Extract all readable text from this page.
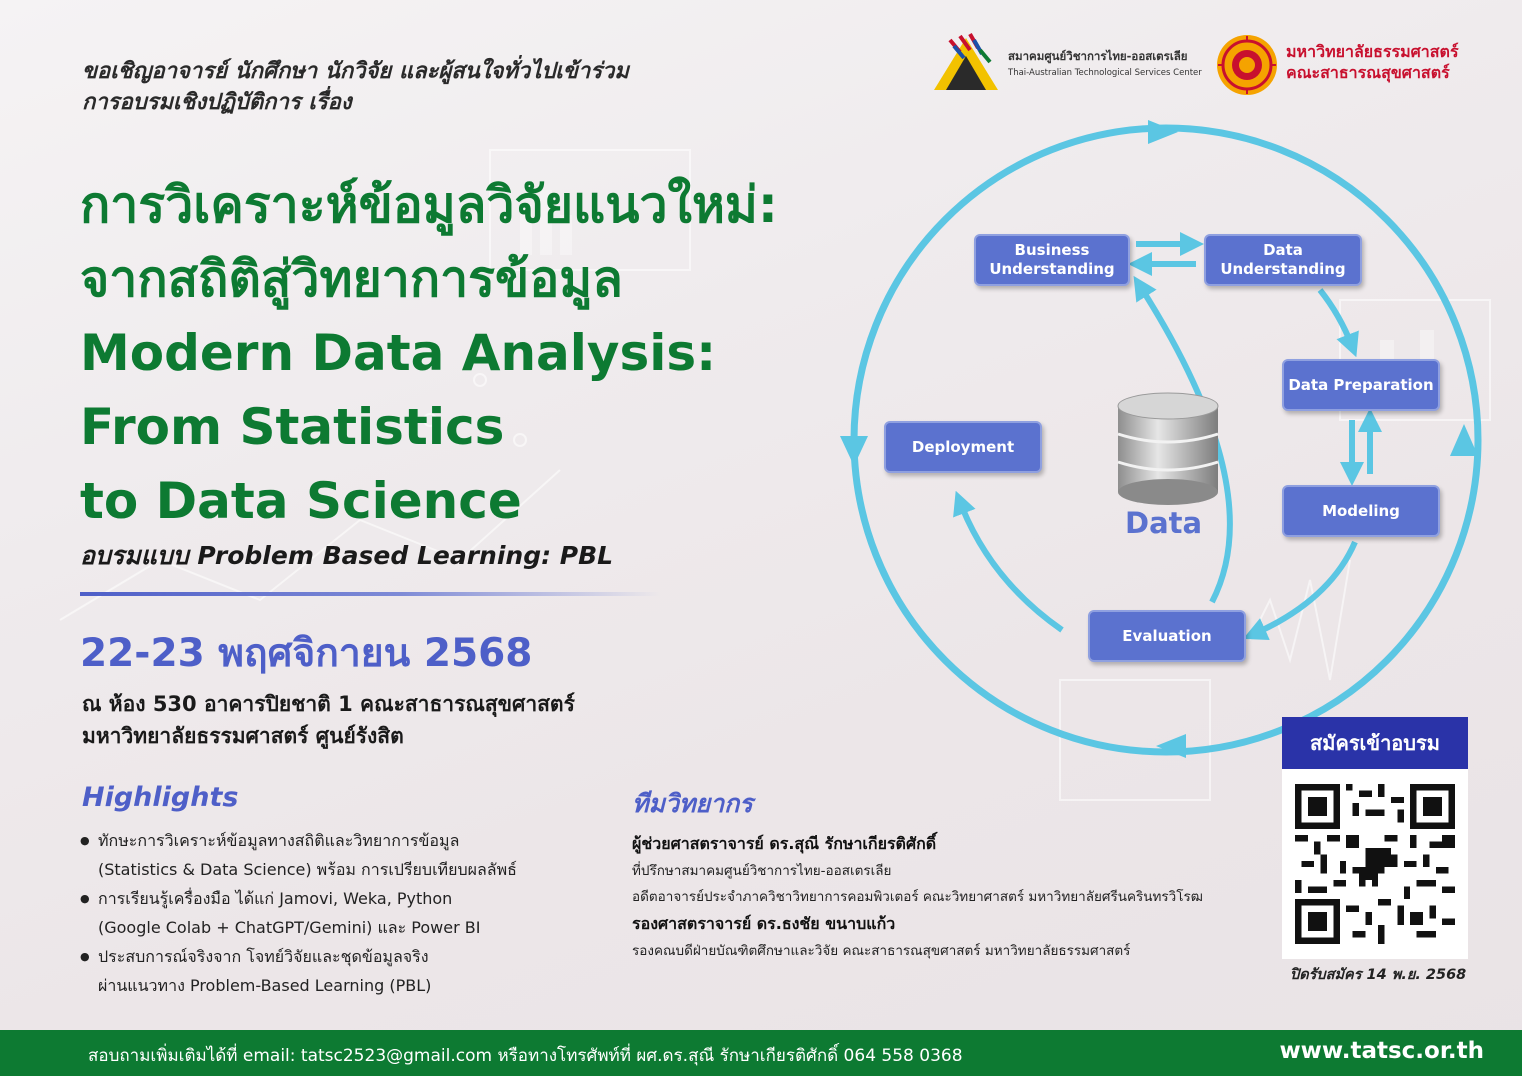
ขอเชิญอาจารย์ นักศึกษา นักวิจัย และผู้สนใจทั่วไปเข้าร่วม
การอบรมเชิงปฏิบัติการ เรื่อง
สมาคมศูนย์วิชาการไทย-ออสเตรเลีย
Thai-Australian Technological Services Center
มหาวิทยาลัยธรรมศาสตร์
คณะสาธารณสุขศาสตร์
การวิเคราะห์ข้อมูลวิจัยแนวใหม่:
จากสถิติสู่วิทยาการข้อมูล
Modern Data Analysis:
From Statistics
to Data Science
อบรมแบบ Problem Based Learning: PBL
22-23 พฤศจิกายน 2568
ณ ห้อง 530 อาคารปิยชาติ 1 คณะสาธารณสุขศาสตร์
มหาวิทยาลัยธรรมศาสตร์ ศูนย์รังสิต
Highlights
● ทักษะการวิเคราะห์ข้อมูลทางสถิติและวิทยาการข้อมูล
(Statistics & Data Science) พร้อม การเปรียบเทียบผลลัพธ์
● การเรียนรู้เครื่องมือ ได้แก่ Jamovi, Weka, Python
(Google Colab + ChatGPT/Gemini) และ Power BI
● ประสบการณ์จริงจาก โจทย์วิจัยและชุดข้อมูลจริง
ผ่านแนวทาง Problem-Based Learning (PBL)
ทีมวิทยากร
ผู้ช่วยศาสตราจารย์ ดร.สุณี รักษาเกียรติศักดิ์
ที่ปรึกษาสมาคมศูนย์วิชาการไทย-ออสเตรเลีย
อดีตอาจารย์ประจำภาควิชาวิทยาการคอมพิวเตอร์ คณะวิทยาศาสตร์ มหาวิทยาลัยศรีนครินทรวิโรฒ
รองศาสตราจารย์ ดร.ธงชัย ขนาบแก้ว
รองคณบดีฝ่ายบัณฑิตศึกษาและวิจัย คณะสาธารณสุขศาสตร์ มหาวิทยาลัยธรรมศาสตร์
Business Understanding
Data Understanding
Data Preparation
Modeling
Evaluation
Deployment
Data
สมัครเข้าอบรม
ปิดรับสมัคร 14 พ.ย. 2568
สอบถามเพิ่มเติมได้ที่ email: tatsc2523@gmail.com หรือทางโทรศัพท์ที่ ผศ.ดร.สุณี รักษาเกียรติศักดิ์ 064 558 0368	www.tatsc.or.th
